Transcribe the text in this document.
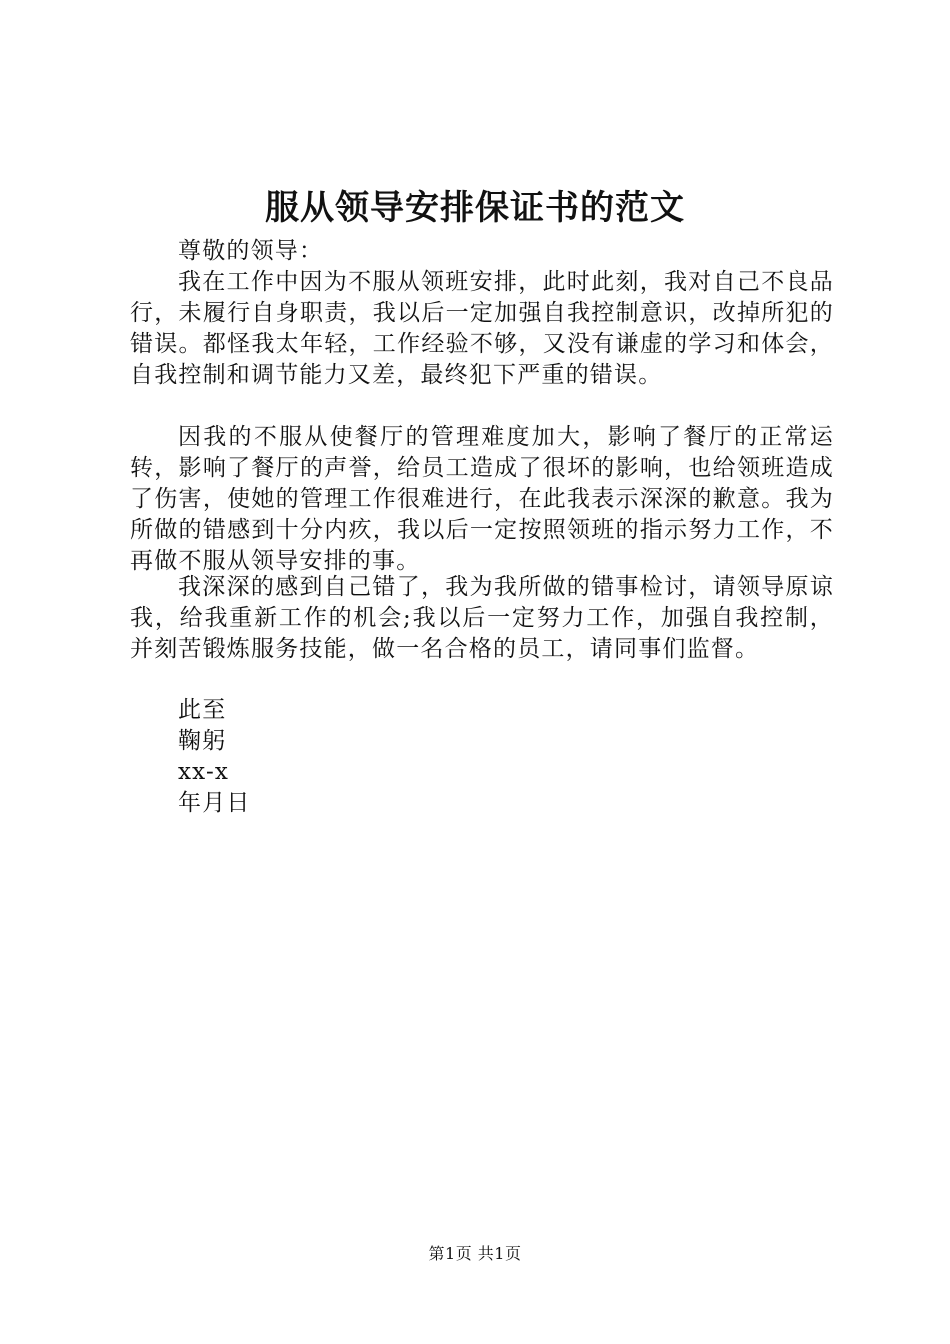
服从领导安排保证书的范文
尊敬的领导：

我在工作中因为不服从领班安排，此时此刻，我对自己不良品行，未履行自身职责，我以后一定加强自我控制意识，改掉所犯的错误。都怪我太年轻，工作经验不够，又没有谦虚的学习和体会，自我控制和调节能力又差，最终犯下严重的错误。

因我的不服从使餐厅的管理难度加大，影响了餐厅的正常运转，影响了餐厅的声誉，给员工造成了很坏的影响，也给领班造成了伤害，使她的管理工作很难进行，在此我表示深深的歉意。我为所做的错感到十分内疚，我以后一定按照领班的指示努力工作，不再做不服从领导安排的事。

我深深的感到自己错了，我为我所做的错事检讨，请领导原谅我，给我重新工作的机会;我以后一定努力工作，加强自我控制，并刻苦锻炼服务技能，做一名合格的员工，请同事们监督。

此至
鞠躬
xx-x
年月日
第1页 共1页
